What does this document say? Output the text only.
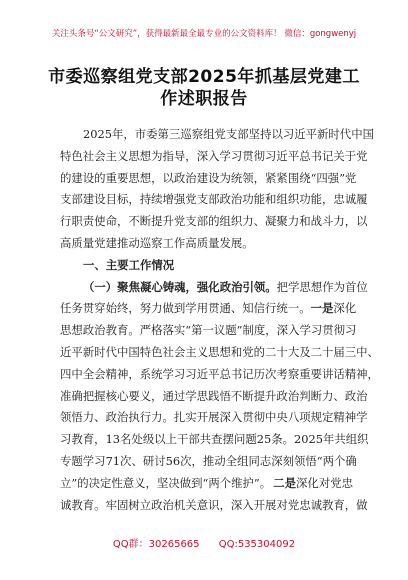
关注头条号“公文研究”，获得最新最全最专业的公文资料库！ 微信：gongwenyj
市委巡察组党支部2025年抓基层党建工
作述职报告
2025年，市委第三巡察组党支部坚持以习近平新时代中国
特色社会主义思想为指导，深入学习贯彻习近平总书记关于党
的建设的重要思想，以政治建设为统领，紧紧围绕“四强”党
支部建设目标，持续增强党支部政治功能和组织功能，忠诚履
行职责使命，不断提升党支部的组织力、凝聚力和战斗力，以
高质量党建推动巡察工作高质量发展。
一、主要工作情况
（一）聚焦凝心铸魂，强化政治引领。 把学思想作为首位
任务贯穿始终，努力做到学用贯通、知信行统一。 一是深化
思想政治教育。严格落实“第一议题”制度，深入学习贯彻习
近平新时代中国特色社会主义思想和党的二十大及二十届三中、
四中全会精神，系统学习习近平总书记历次考察重要讲话精神，
准确把握核心要义，通过学思践悟不断提升政治判断力、政治
领悟力、政治执行力。扎实开展深入贯彻中央八项规定精神学
习教育，13名处级以上干部共查摆问题25条。2025年共组织
专题学习71次、研讨56次，推动全组同志深刻领悟“两个确
立”的决定性意义，坚决做到“两个维护”。 二是深化对党忠
诚教育。牢固树立政治机关意识，深入开展对党忠诚教育，做
QQ群：30265665 QQ:535304092
